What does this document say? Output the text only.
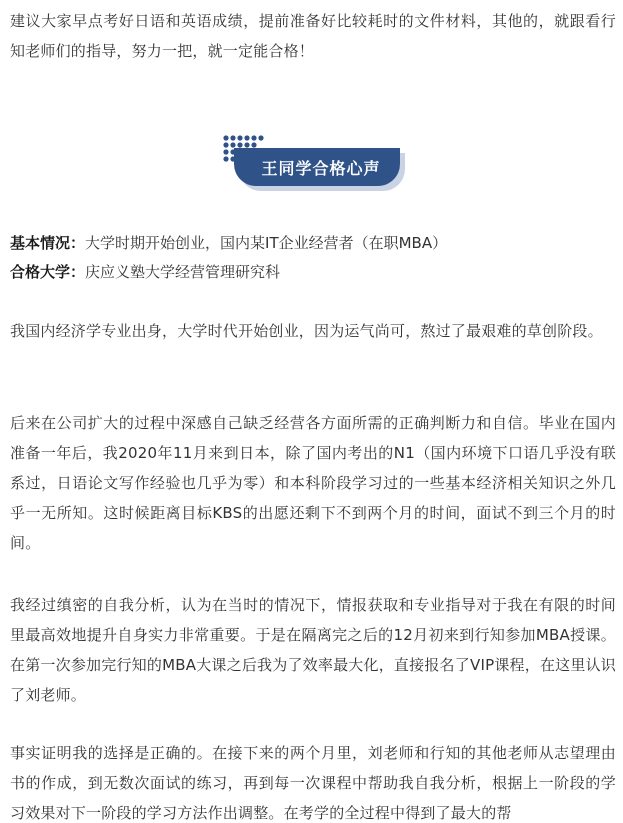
建议大家早点考好日语和英语成绩，提前准备好比较耗时的文件材料，其他的，就跟看行知老师们的指导，努力一把，就一定能合格！

王同学合格心声
基本情况：大学时期开始创业，国内某IT企业经营者（在职MBA）
合格大学：庆应义塾大学经营管理研究科

我国内经济学专业出身，大学时代开始创业，因为运气尚可，熬过了最艰难的草创阶段。

后来在公司扩大的过程中深感自己缺乏经营各方面所需的正确判断力和自信。毕业在国内准备一年后，我2020年11月来到日本，除了国内考出的N1（国内环境下口语几乎没有联系过，日语论文写作经验也几乎为零）和本科阶段学习过的一些基本经济相关知识之外几乎一无所知。这时候距离目标KBS的出愿还剩下不到两个月的时间，面试不到三个月的时间。

我经过缜密的自我分析，认为在当时的情况下，情报获取和专业指导对于我在有限的时间里最高效地提升自身实力非常重要。于是在隔离完之后的12月初来到行知参加MBA授课。在第一次参加完行知的MBA大课之后我为了效率最大化，直接报名了VIP课程，在这里认识了刘老师。

事实证明我的选择是正确的。在接下来的两个月里，刘老师和行知的其他老师从志望理由书的作成，到无数次面试的练习，再到每一次课程中帮助我自我分析，根据上一阶段的学习效果对下一阶段的学习方法作出调整。在考学的全过程中得到了最大的帮
